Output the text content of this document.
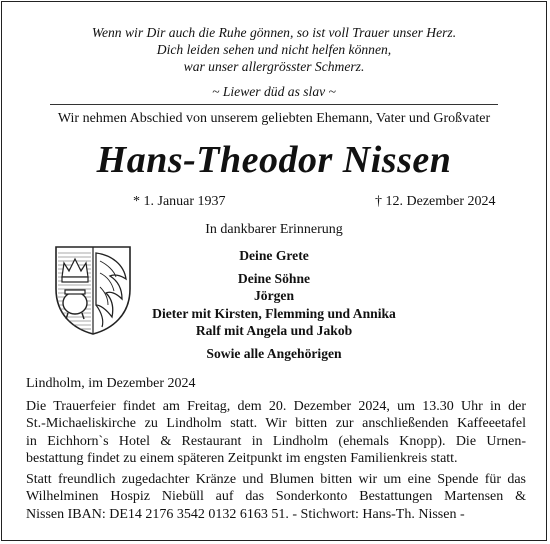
Wenn wir Dir auch die Ruhe gönnen, so ist voll Trauer unser Herz.
Dich leiden sehen und nicht helfen können,
war unser allergrösster Schmerz.
~ Liewer düd as slav ~
Wir nehmen Abschied von unserem geliebten Ehemann, Vater und Großvater
Hans-Theodor Nissen
* 1. Januar 1937	† 12. Dezember 2024
In dankbarer Erinnerung
Deine Grete
Deine Söhne
Jörgen
Dieter mit Kirsten, Flemming und Annika
Ralf mit Angela und Jakob
Sowie alle Angehörigen
Lindholm, im Dezember 2024
Die Trauerfeier findet am Freitag, dem 20. Dezember 2024, um 13.30 Uhr in der
St.-Michaeliskirche zu Lindholm statt. Wir bitten zur anschließenden Kaffeeetafel
in Eichhorn`s Hotel & Restaurant in Lindholm (ehemals Knopp). Die Urnen-
bestattung findet zu einem späteren Zeitpunkt im engsten Familienkreis statt.
Statt freundlich zugedachter Kränze und Blumen bitten wir um eine Spende für das
Wilhelminen Hospiz Niebüll auf das Sonderkonto Bestattungen Martensen &
Nissen IBAN: DE14 2176 3542 0132 6163 51. - Stichwort: Hans-Th. Nissen -
